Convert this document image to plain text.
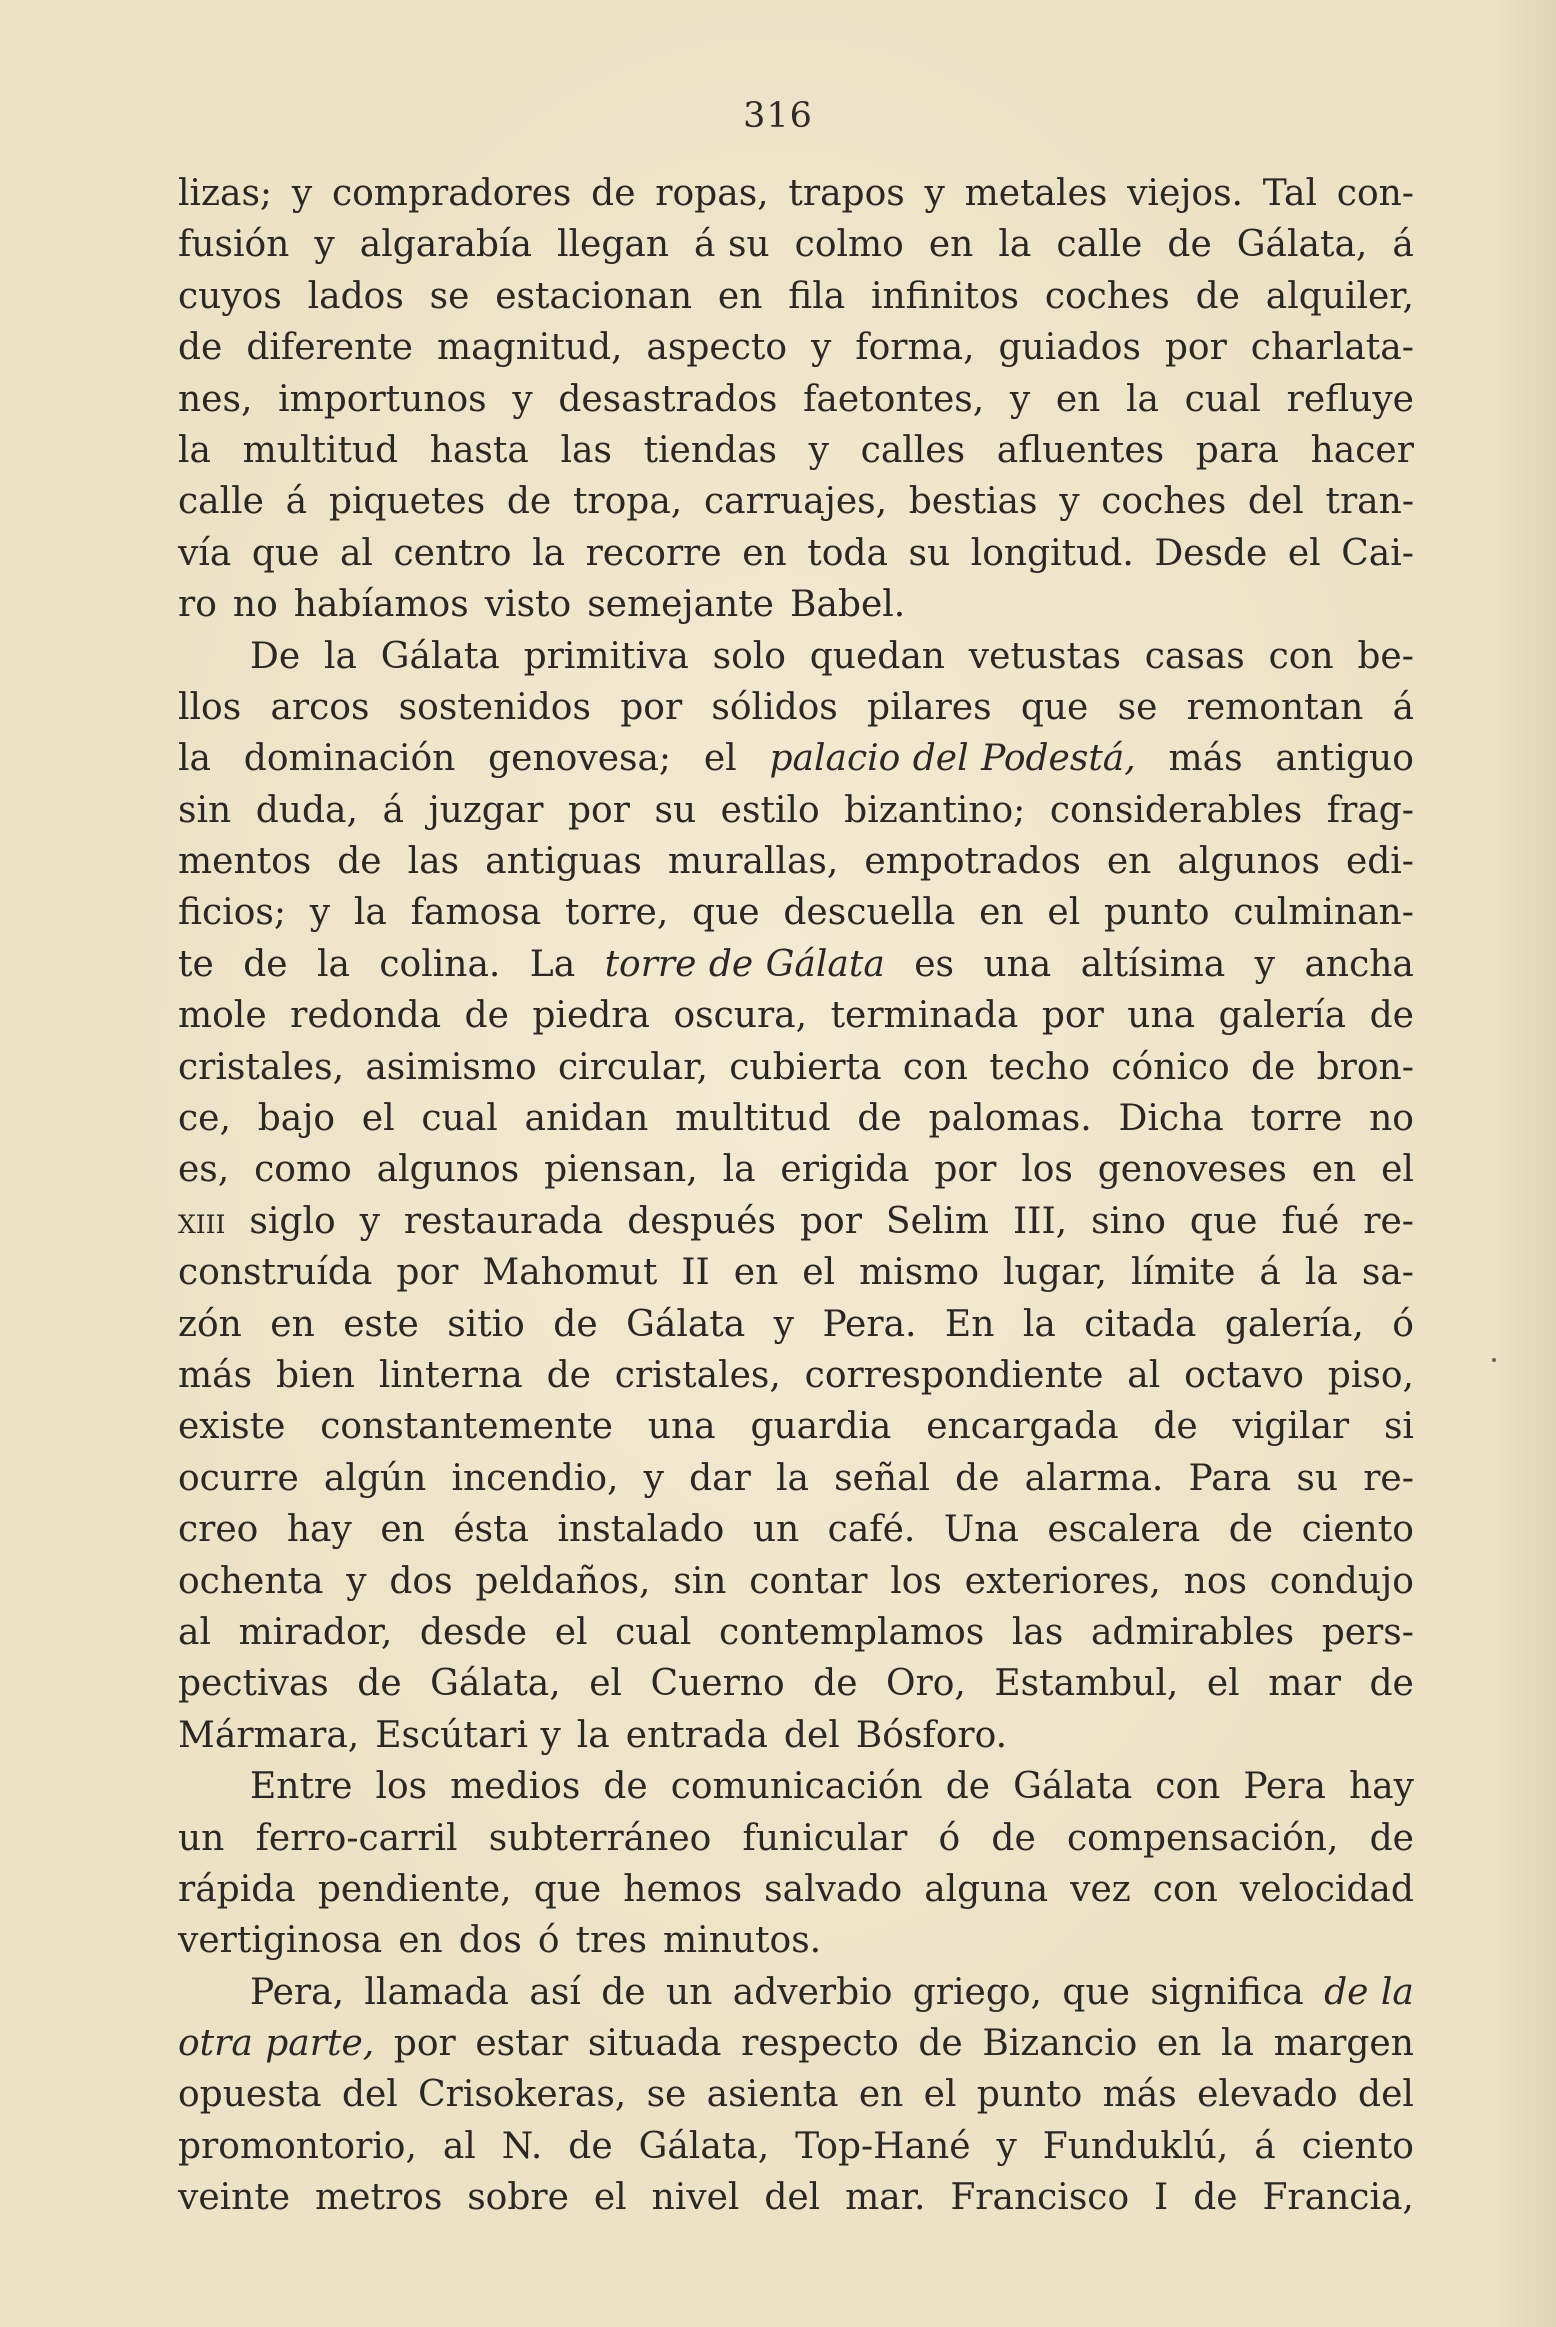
316
lizas; y compradores de ropas, trapos y metales viejos. Tal con-
fusión y algarabía llegan á su colmo en la calle de Gálata, á
cuyos lados se estacionan en fila infinitos coches de alquiler,
de diferente magnitud, aspecto y forma, guiados por charlata-
nes, importunos y desastrados faetontes, y en la cual refluye
la multitud hasta las tiendas y calles afluentes para hacer
calle á piquetes de tropa, carruajes, bestias y coches del tran-
vía que al centro la recorre en toda su longitud. Desde el Cai-
ro no habíamos visto semejante Babel.
De la Gálata primitiva solo quedan vetustas casas con be-
llos arcos sostenidos por sólidos pilares que se remontan á
la dominación genovesa; el palacio del Podestá, más antiguo
sin duda, á juzgar por su estilo bizantino; considerables frag-
mentos de las antiguas murallas, empotrados en algunos edi-
ficios; y la famosa torre, que descuella en el punto culminan-
te de la colina. La torre de Gálata es una altísima y ancha
mole redonda de piedra oscura, terminada por una galería de
cristales, asimismo circular, cubierta con techo cónico de bron-
ce, bajo el cual anidan multitud de palomas. Dicha torre no
es, como algunos piensan, la erigida por los genoveses en el
xiii siglo y restaurada después por Selim III, sino que fué re-
construída por Mahomut II en el mismo lugar, límite á la sa-
zón en este sitio de Gálata y Pera. En la citada galería, ó
más bien linterna de cristales, correspondiente al octavo piso,
existe constantemente una guardia encargada de vigilar si
ocurre algún incendio, y dar la señal de alarma. Para su re-
creo hay en ésta instalado un café. Una escalera de ciento
ochenta y dos peldaños, sin contar los exteriores, nos condujo
al mirador, desde el cual contemplamos las admirables pers-
pectivas de Gálata, el Cuerno de Oro, Estambul, el mar de
Mármara, Escútari y la entrada del Bósforo.
Entre los medios de comunicación de Gálata con Pera hay
un ferro-carril subterráneo funicular ó de compensación, de
rápida pendiente, que hemos salvado alguna vez con velocidad
vertiginosa en dos ó tres minutos.
Pera, llamada así de un adverbio griego, que significa de la
otra parte, por estar situada respecto de Bizancio en la margen
opuesta del Crisokeras, se asienta en el punto más elevado del
promontorio, al N. de Gálata, Top-Hané y Funduklú, á ciento
veinte metros sobre el nivel del mar. Francisco I de Francia,
